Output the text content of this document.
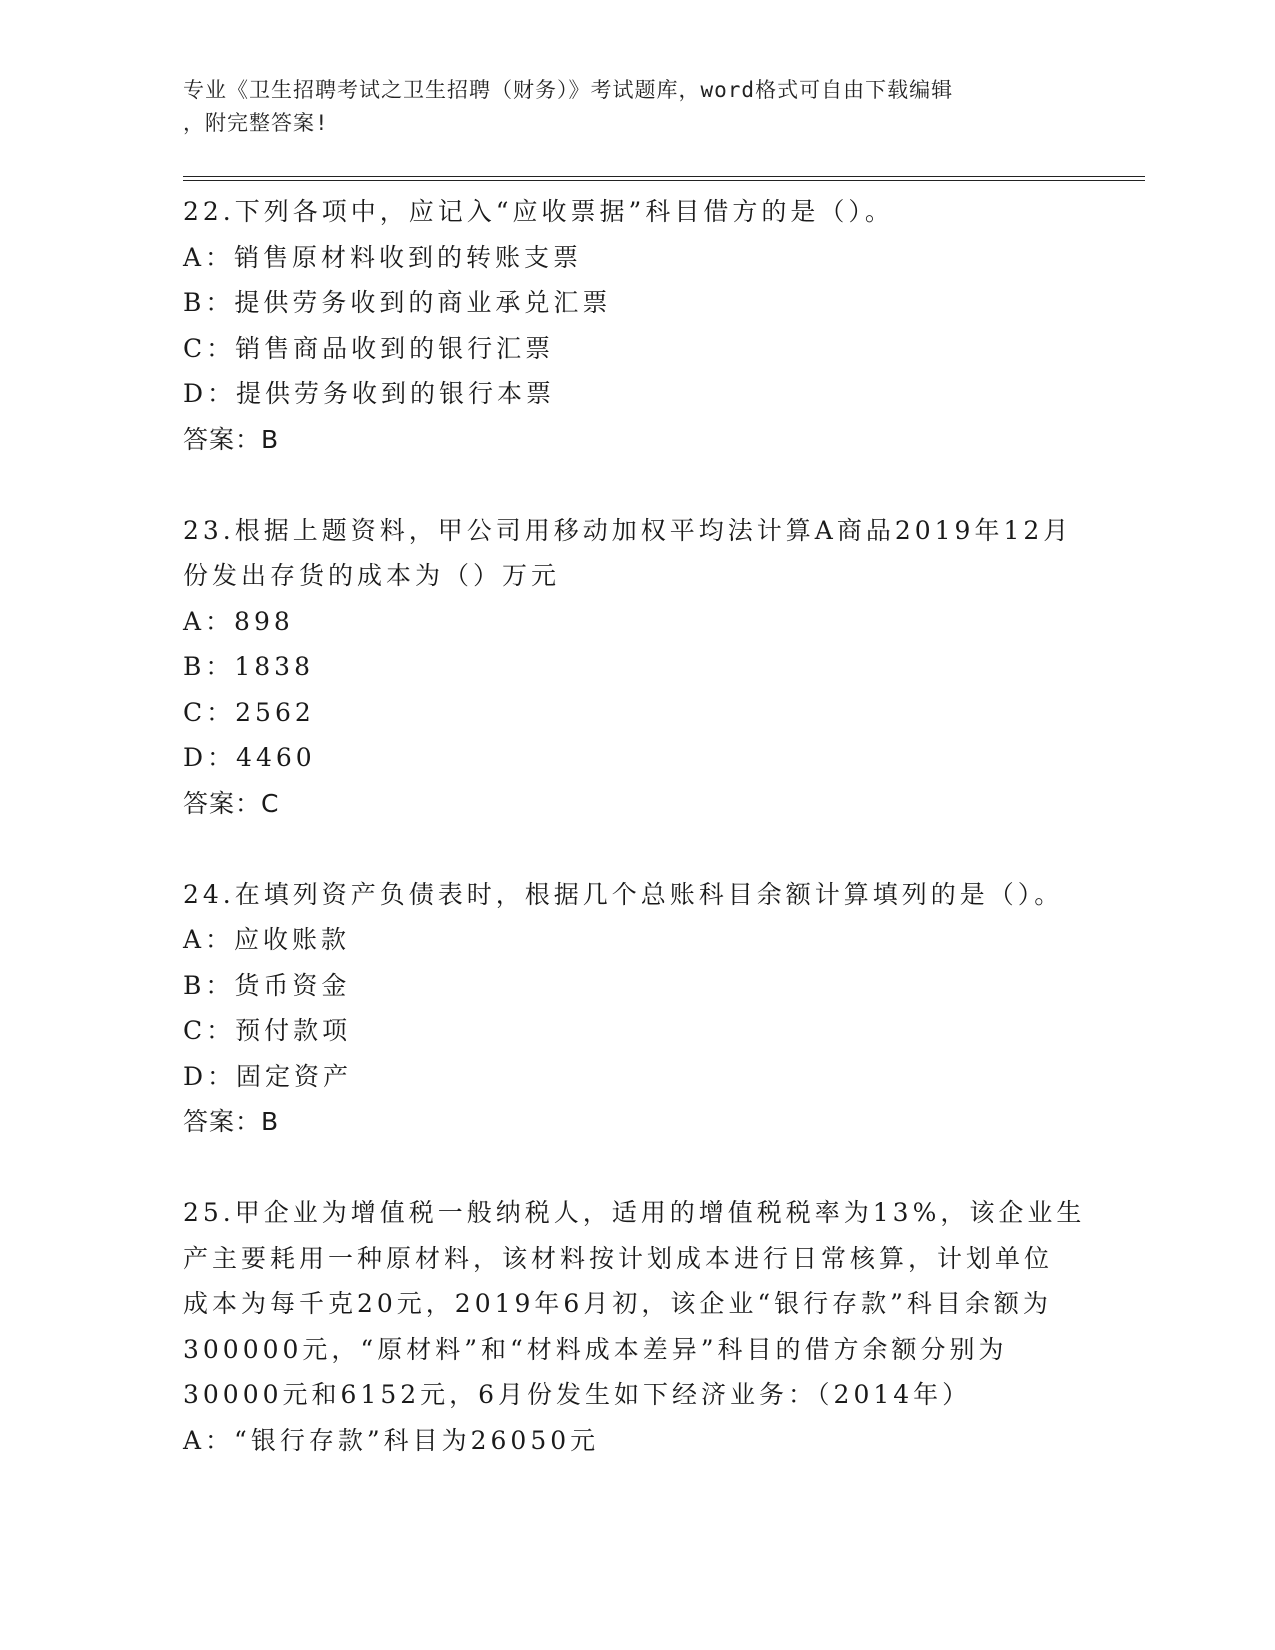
专业《卫生招聘考试之卫生招聘（财务）》考试题库，word格式可自由下载编辑
，附完整答案!
22.下列各项中，应记入“应收票据”科目借方的是（）。
A：销售原材料收到的转账支票
B：提供劳务收到的商业承兑汇票
C：销售商品收到的银行汇票
D：提供劳务收到的银行本票
答案：B
23.根据上题资料，甲公司用移动加权平均法计算A商品2019年12月
份发出存货的成本为（）万元
A：898
B：1838
C：2562
D：4460
答案：C
24.在填列资产负债表时，根据几个总账科目余额计算填列的是（）。
A：应收账款
B：货币资金
C：预付款项
D：固定资产
答案：B
25.甲企业为增值税一般纳税人，适用的增值税税率为13%，该企业生
产主要耗用一种原材料，该材料按计划成本进行日常核算，计划单位
成本为每千克20元，2019年6月初，该企业“银行存款”科目余额为
300000元，“原材料”和“材料成本差异”科目的借方余额分别为
30000元和6152元，6月份发生如下经济业务：（2014年）
A：“银行存款”科目为26050元
